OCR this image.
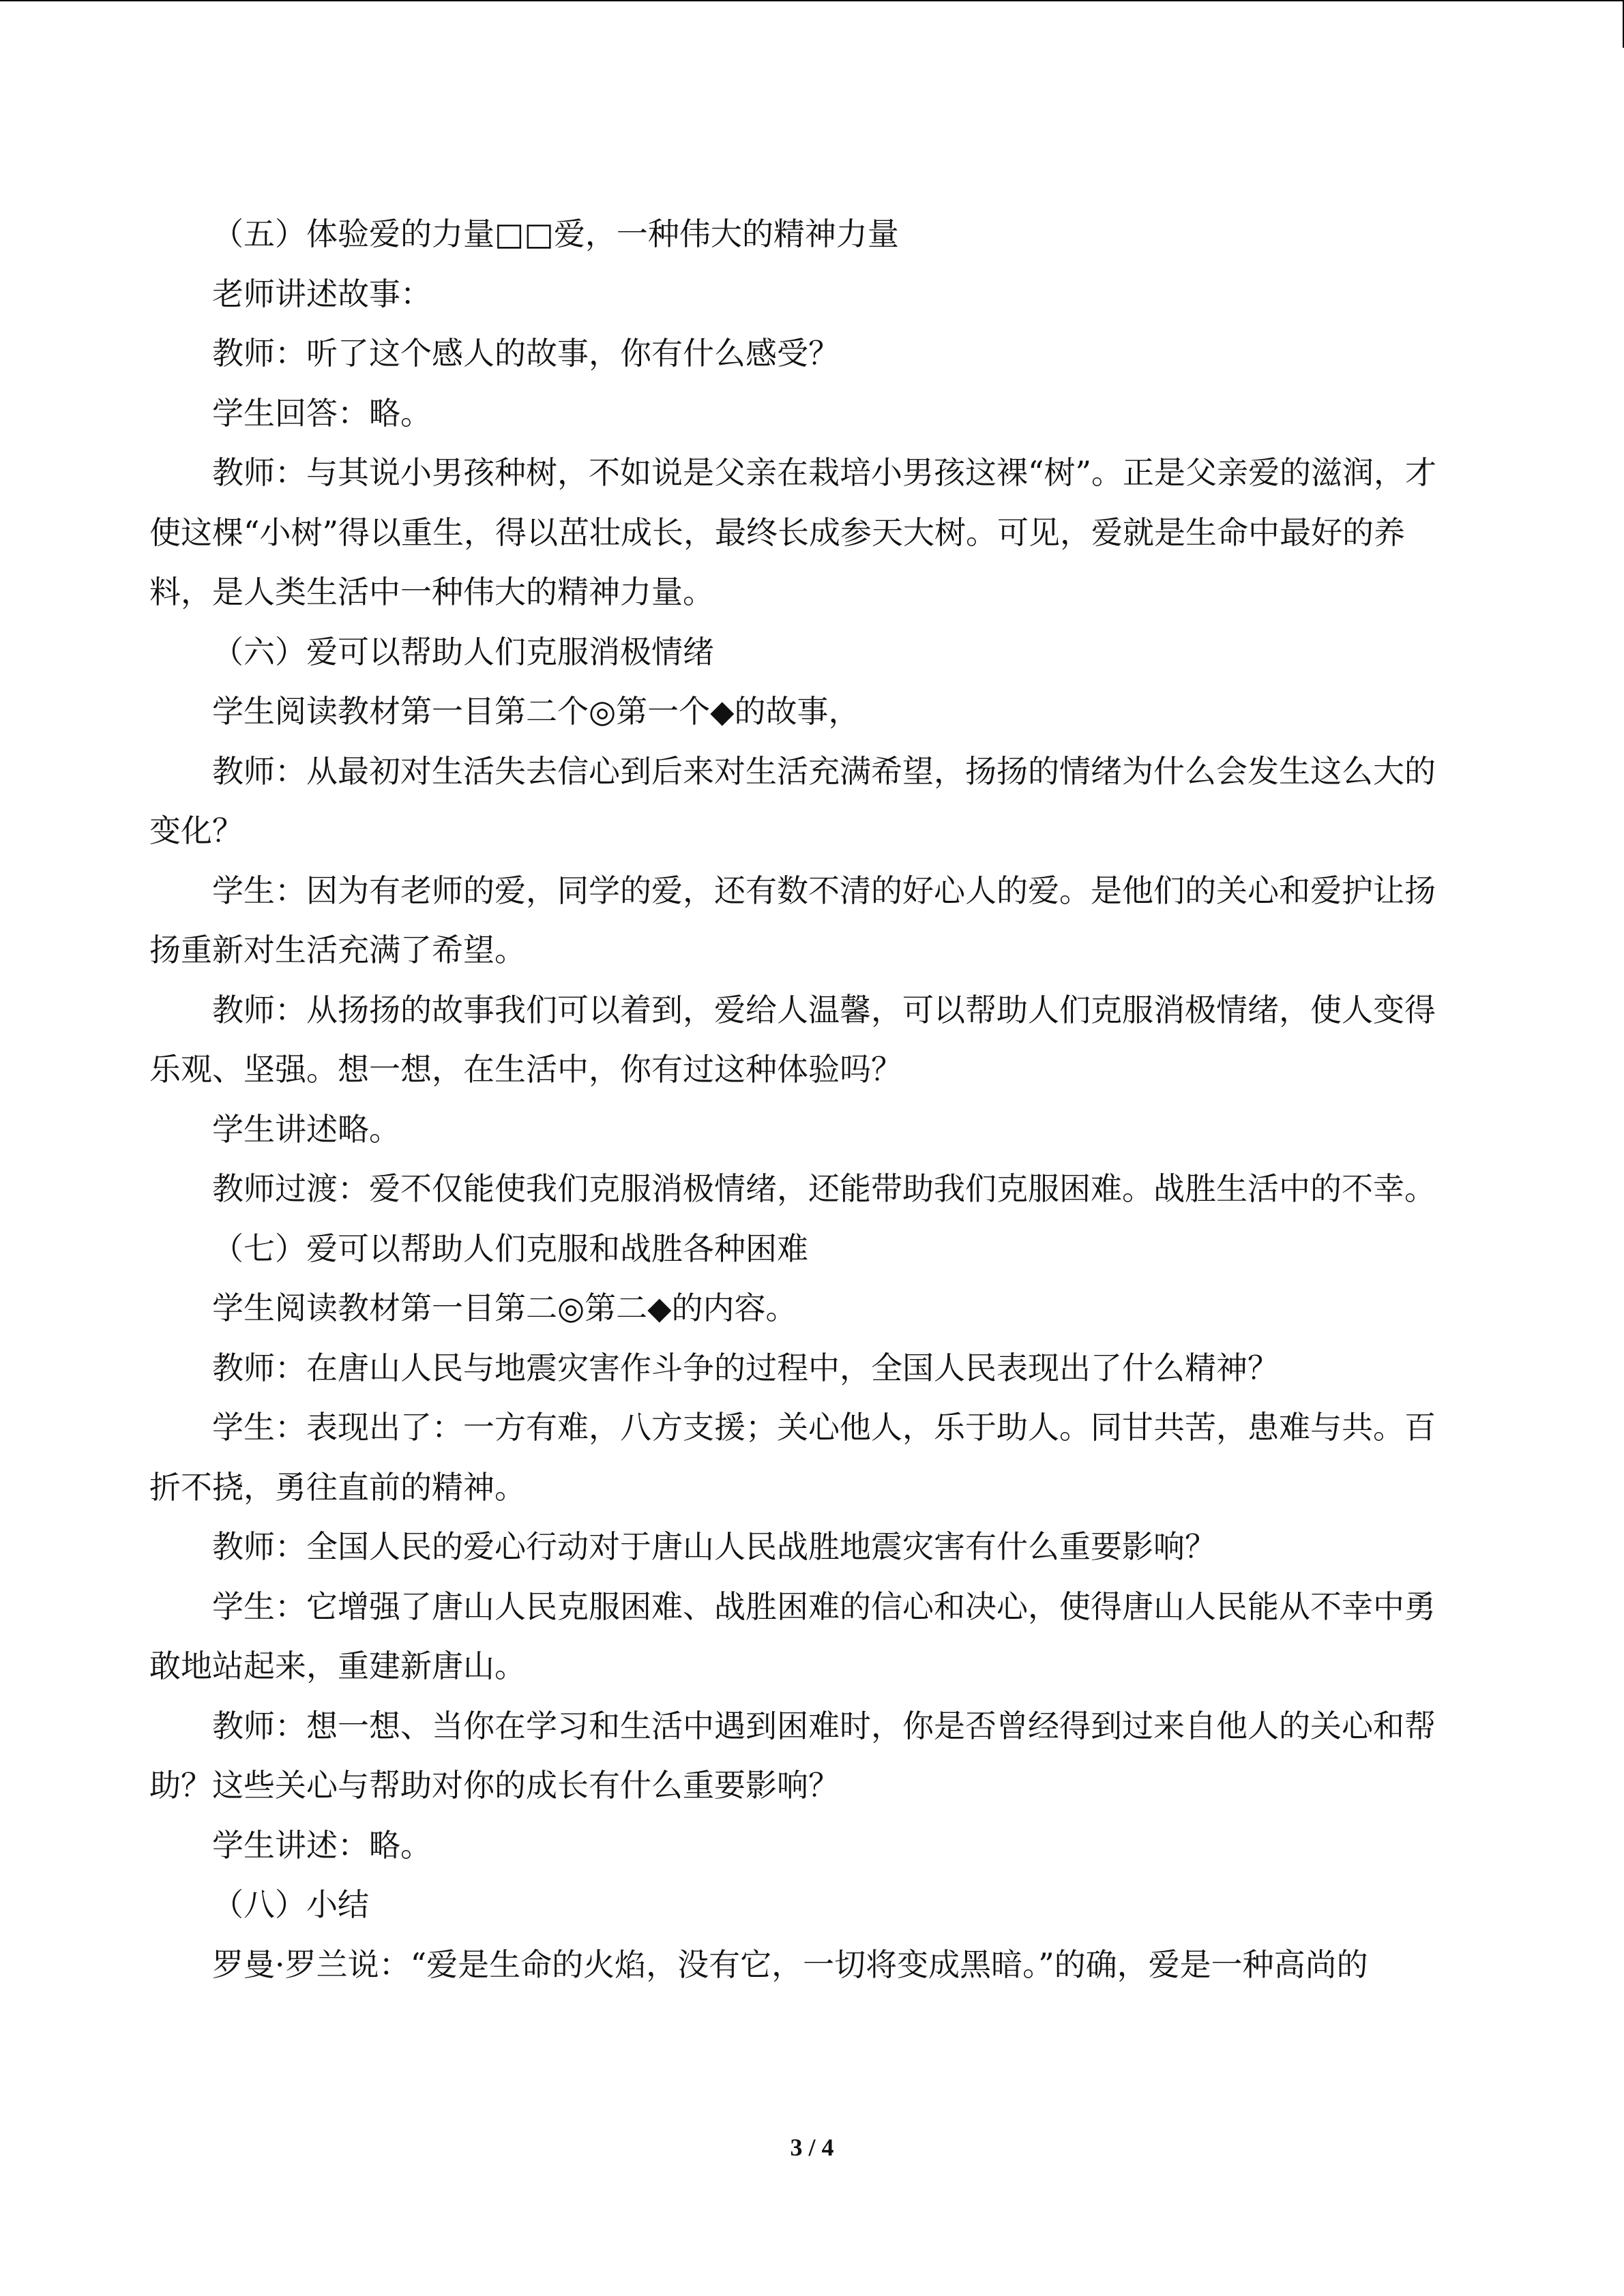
（五）体验爱的力量□□爱，一种伟大的精神力量

老师讲述故事：

教师：听了这个感人的故事，你有什么感受？

学生回答：略。

教师：与其说小男孩种树，不如说是父亲在栽培小男孩这裸“树”。正是父亲爱的滋润，才使这棵“小树”得以重生，得以茁壮成长，最终长成参天大树。可见，爱就是生命中最好的养料，是人类生活中一种伟大的精神力量。

（六）爱可以帮助人们克服消极情绪

学生阅读教材第一目第二个◎第一个◆的故事，

教师：从最初对生活失去信心到后来对生活充满希望，扬扬的情绪为什么会发生这么大的变化？

学生：因为有老师的爱，同学的爱，还有数不清的好心人的爱。是他们的关心和爱护让扬扬重新对生活充满了希望。

教师：从扬扬的故事我们可以着到，爱给人温馨，可以帮助人们克服消极情绪，使人变得乐观、坚强。想一想，在生活中，你有过这种体验吗？

学生讲述略。

教师过渡：爱不仅能使我们克服消极情绪，还能带助我们克服困难。战胜生活中的不幸。

（七）爱可以帮助人们克服和战胜各种困难

学生阅读教材第一目第二◎第二◆的内容。

教师：在唐山人民与地震灾害作斗争的过程中，全国人民表现出了什么精神？

学生：表现出了：一方有难，八方支援；关心他人，乐于助人。同甘共苦，患难与共。百折不挠，勇往直前的精神。

教师：全国人民的爱心行动对于唐山人民战胜地震灾害有什么重要影响？

学生：它增强了唐山人民克服困难、战胜困难的信心和决心，使得唐山人民能从不幸中勇敢地站起来，重建新唐山。

教师：想一想、当你在学习和生活中遇到困难时，你是否曾经得到过来自他人的关心和帮助？这些关心与帮助对你的成长有什么重要影响？

学生讲述：略。

（八）小结

罗曼·罗兰说：“爱是生命的火焰，没有它，一切将变成黑暗。”的确，爱是一种高尚的

3 / 4
